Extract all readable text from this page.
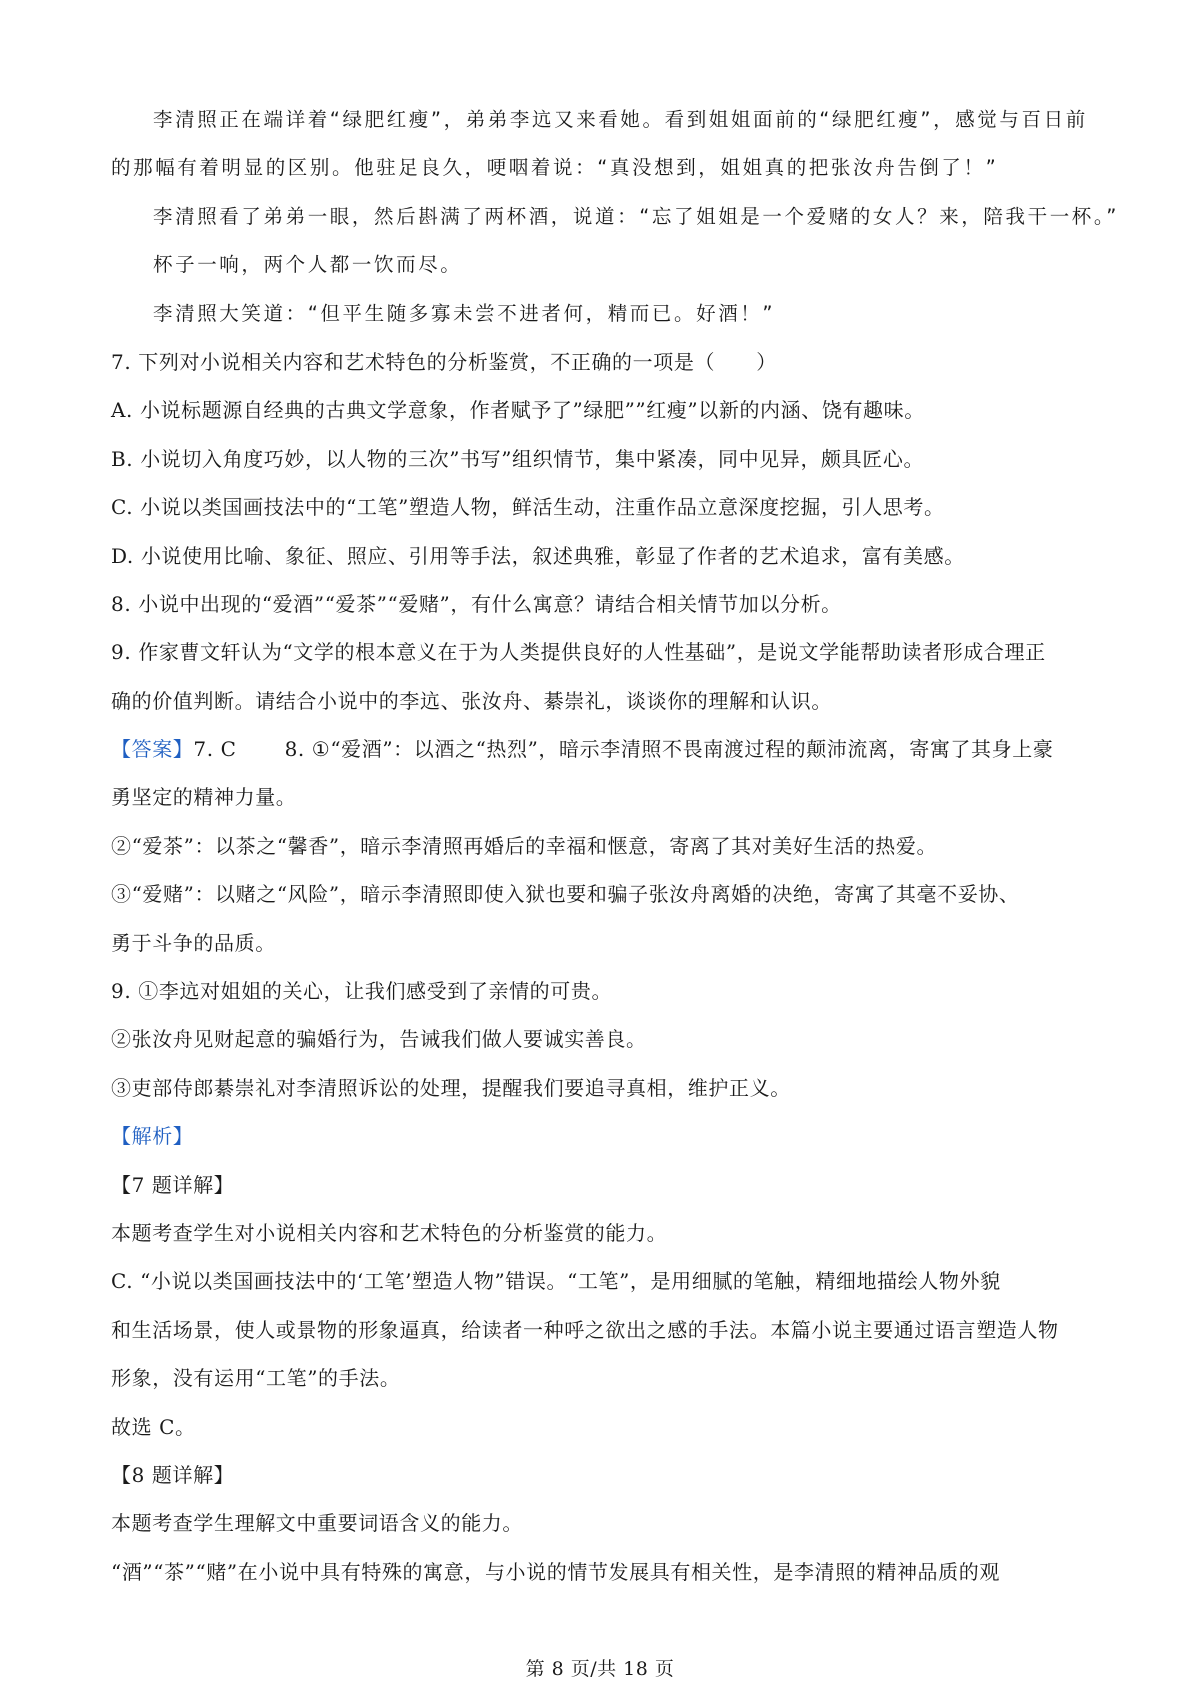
李清照正在端详着“绿肥红瘦”，弟弟李迒又来看她。看到姐姐面前的“绿肥红瘦”，感觉与百日前
的那幅有着明显的区别。他驻足良久，哽咽着说：“真没想到，姐姐真的把张汝舟告倒了！”
李清照看了弟弟一眼，然后斟满了两杯酒，说道：“忘了姐姐是一个爱赌的女人？来，陪我干一杯。”
杯子一响，两个人都一饮而尽。
李清照大笑道：“但平生随多寡未尝不进者何，精而已。好酒！”
7. 下列对小说相关内容和艺术特色的分析鉴赏，不正确的一项是（　　）
A. 小说标题源自经典的古典文学意象，作者赋予了”绿肥””红瘦”以新的内涵、饶有趣味。
B. 小说切入角度巧妙，以人物的三次”书写”组织情节，集中紧凑，同中见异，颇具匠心。
C. 小说以类国画技法中的“工笔”塑造人物，鲜活生动，注重作品立意深度挖掘，引人思考。
D. 小说使用比喻、象征、照应、引用等手法，叙述典雅，彰显了作者的艺术追求，富有美感。
8. 小说中出现的“爱酒”“爱茶”“爱赌”，有什么寓意？请结合相关情节加以分析。
9. 作家曹文轩认为“文学的根本意义在于为人类提供良好的人性基础”，是说文学能帮助读者形成合理正
确的价值判断。请结合小说中的李迒、张汝舟、綦崇礼，谈谈你的理解和认识。
【答案】7. C 8. ①“爱酒”：以酒之“热烈”，暗示李清照不畏南渡过程的颠沛流离，寄寓了其身上豪
勇坚定的精神力量。
②“爱茶”：以茶之“馨香”，暗示李清照再婚后的幸福和惬意，寄离了其对美好生活的热爱。
③“爱赌”：以赌之“风险”，暗示李清照即使入狱也要和骗子张汝舟离婚的决绝，寄寓了其毫不妥协、
勇于斗争的品质。
9. ①李迒对姐姐的关心，让我们感受到了亲情的可贵。
②张汝舟见财起意的骗婚行为，告诫我们做人要诚实善良。
③吏部侍郎綦崇礼对李清照诉讼的处理，提醒我们要追寻真相，维护正义。
【解析】
【7 题详解】
本题考查学生对小说相关内容和艺术特色的分析鉴赏的能力。
C. “小说以类国画技法中的‘工笔’塑造人物”错误。“工笔”，是用细腻的笔触，精细地描绘人物外貌
和生活场景，使人或景物的形象逼真，给读者一种呼之欲出之感的手法。本篇小说主要通过语言塑造人物
形象，没有运用“工笔”的手法。
故选 C。
【8 题详解】
本题考查学生理解文中重要词语含义的能力。
“酒”“茶”“赌”在小说中具有特殊的寓意，与小说的情节发展具有相关性，是李清照的精神品质的观
第 8 页/共 18 页
